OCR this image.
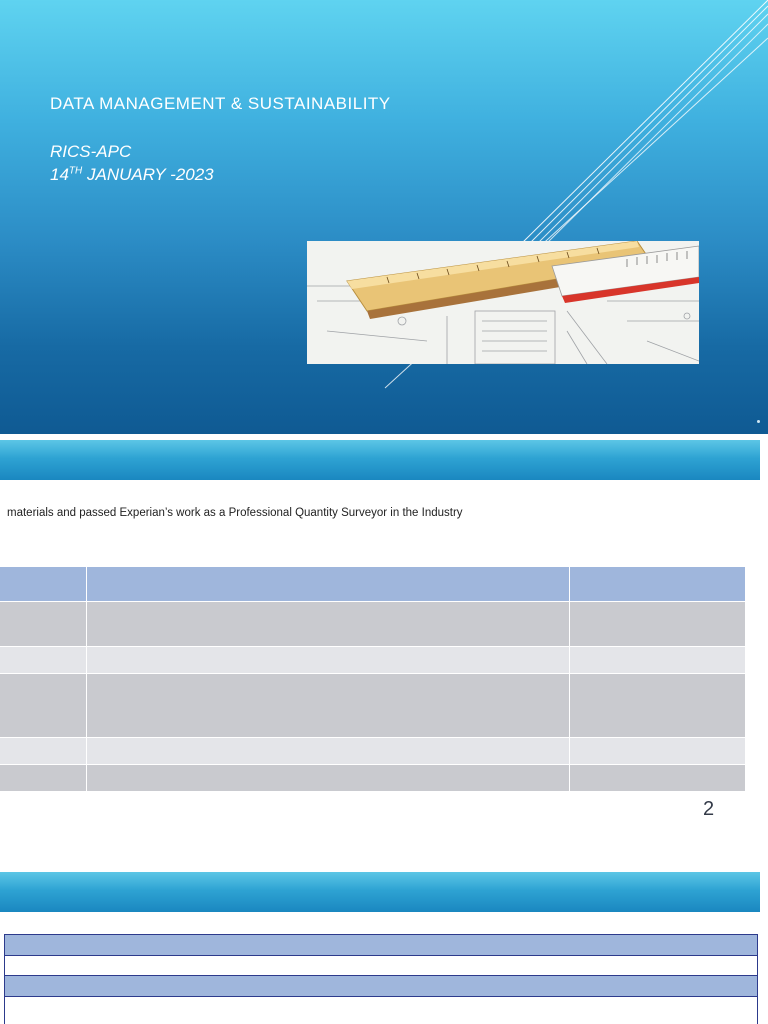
DATA MANAGEMENT & SUSTAINABILITY
RICS-APC
14TH JANUARY -2023
materials and passed Experian’s work as a Professional Quantity Surveyor in the Industry

2
